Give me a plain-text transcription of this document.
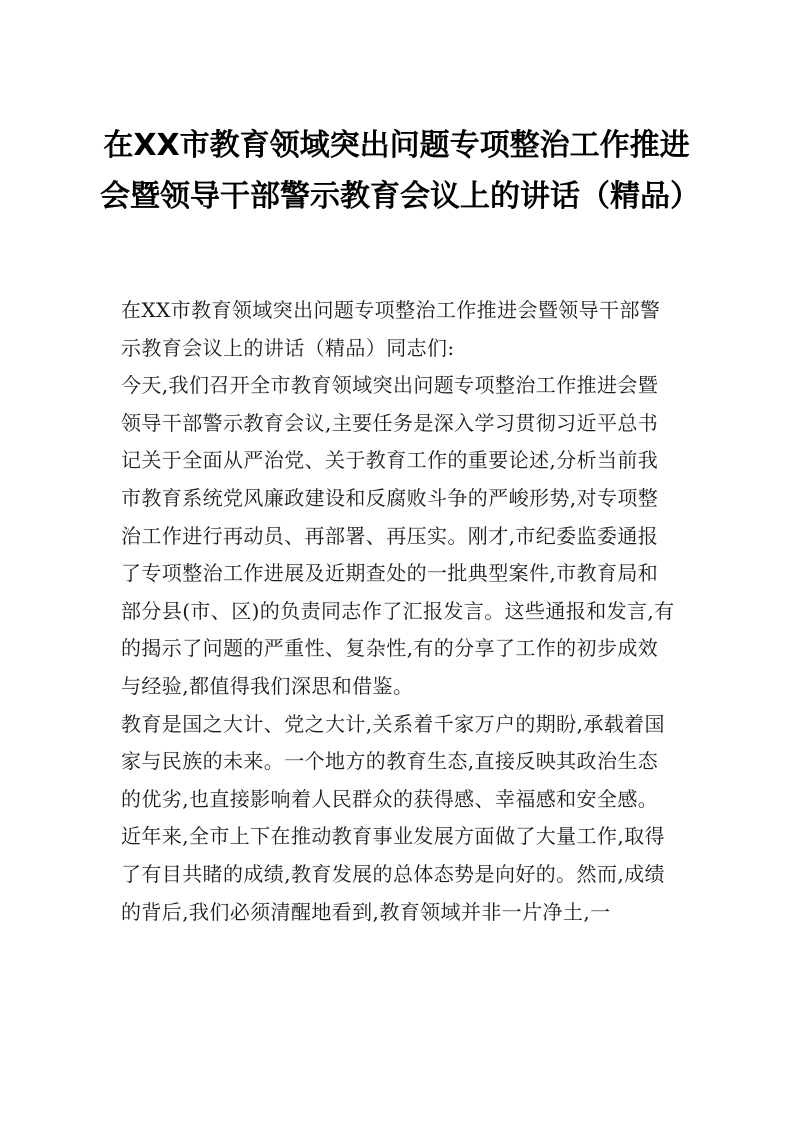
在XX市教育领域突出问题专项整治工作推进会暨领导干部警示教育会议上的讲话（精品）

在XX市教育领域突出问题专项整治工作推进会暨领导干部警示教育会议上的讲话（精品）同志们:

今天,我们召开全市教育领域突出问题专项整治工作推进会暨领导干部警示教育会议,主要任务是深入学习贯彻习近平总书记关于全面从严治党、关于教育工作的重要论述,分析当前我市教育系统党风廉政建设和反腐败斗争的严峻形势,对专项整治工作进行再动员、再部署、再压实。刚才,市纪委监委通报了专项整治工作进展及近期查处的一批典型案件,市教育局和部分县(市、区)的负责同志作了汇报发言。这些通报和发言,有的揭示了问题的严重性、复杂性,有的分享了工作的初步成效与经验,都值得我们深思和借鉴。

教育是国之大计、党之大计,关系着千家万户的期盼,承载着国家与民族的未来。一个地方的教育生态,直接反映其政治生态的优劣,也直接影响着人民群众的获得感、幸福感和安全感。近年来,全市上下在推动教育事业发展方面做了大量工作,取得了有目共睹的成绩,教育发展的总体态势是向好的。然而,成绩的背后,我们必须清醒地看到,教育领域并非一片净土,一
